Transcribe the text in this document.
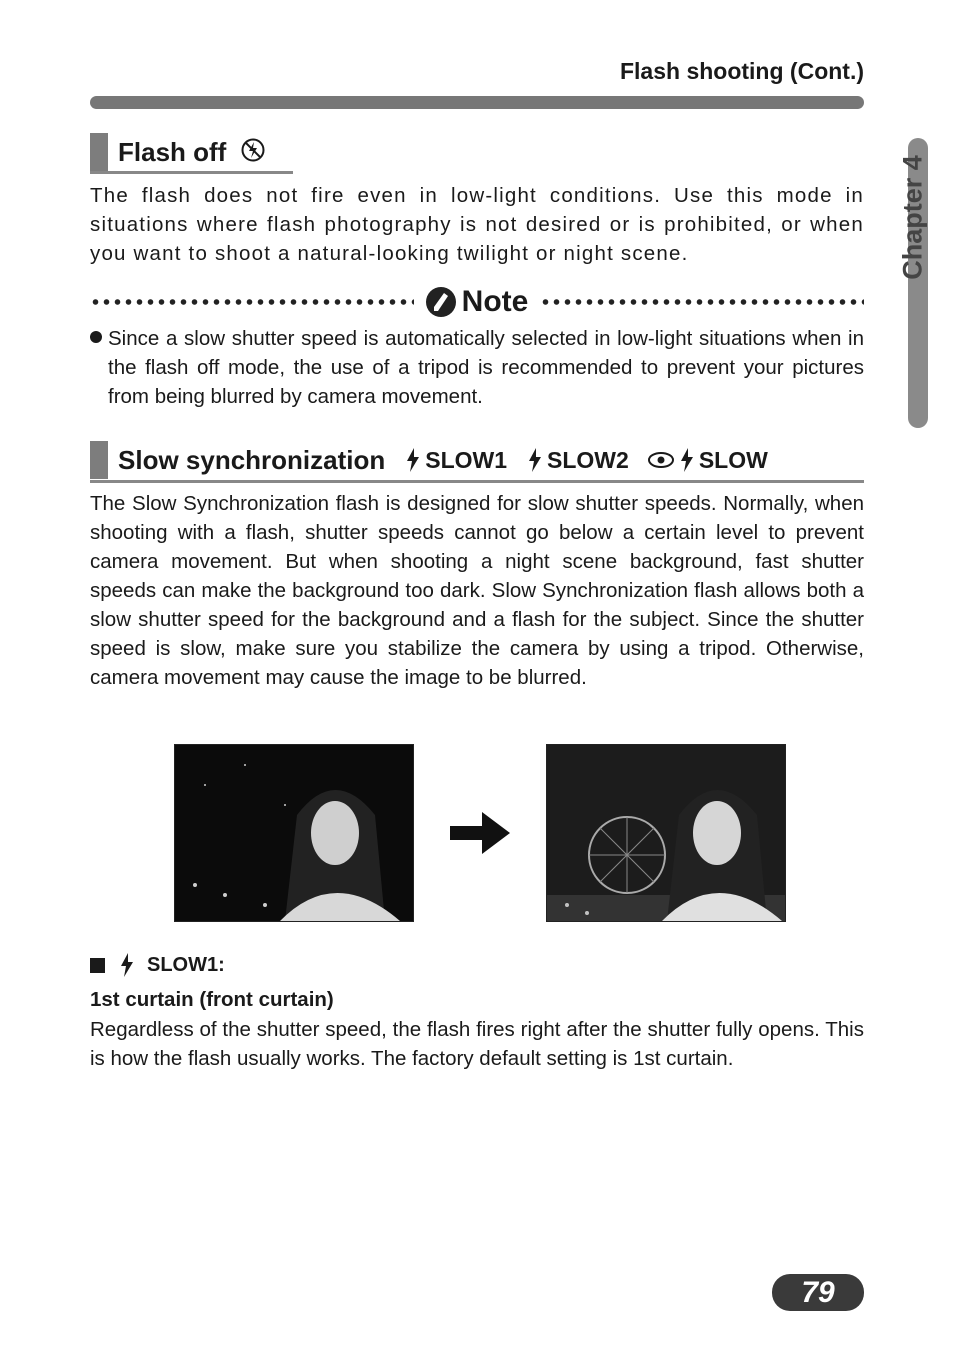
Flash shooting (Cont.)
Chapter 4
Flash off
The flash does not fire even in low-light conditions. Use this mode in situations where flash photography is not desired or is prohibited, or when you want to shoot a natural-looking twilight or night scene.
Note
Since a slow shutter speed is automatically selected in low-light situations when in the flash off mode, the use of a tripod is recommended to prevent your pictures from being blurred by camera movement.
Slow synchronization SLOW1 SLOW2	SLOW
The Slow Synchronization flash is designed for slow shutter speeds. Normally, when shooting with a flash, shutter speeds cannot go below a certain level to prevent camera movement. But when shooting a night scene background, fast shutter speeds can make the background too dark. Slow Synchronization flash allows both a slow shutter speed for the background and a flash for the subject. Since the shutter speed is slow, make sure you stabilize the camera by using a tripod. Otherwise, camera movement may cause the image to be blurred.
SLOW1:
1st curtain (front curtain)
Regardless of the shutter speed, the flash fires right after the shutter fully opens. This is how the flash usually works. The factory default setting is 1st curtain.
79
